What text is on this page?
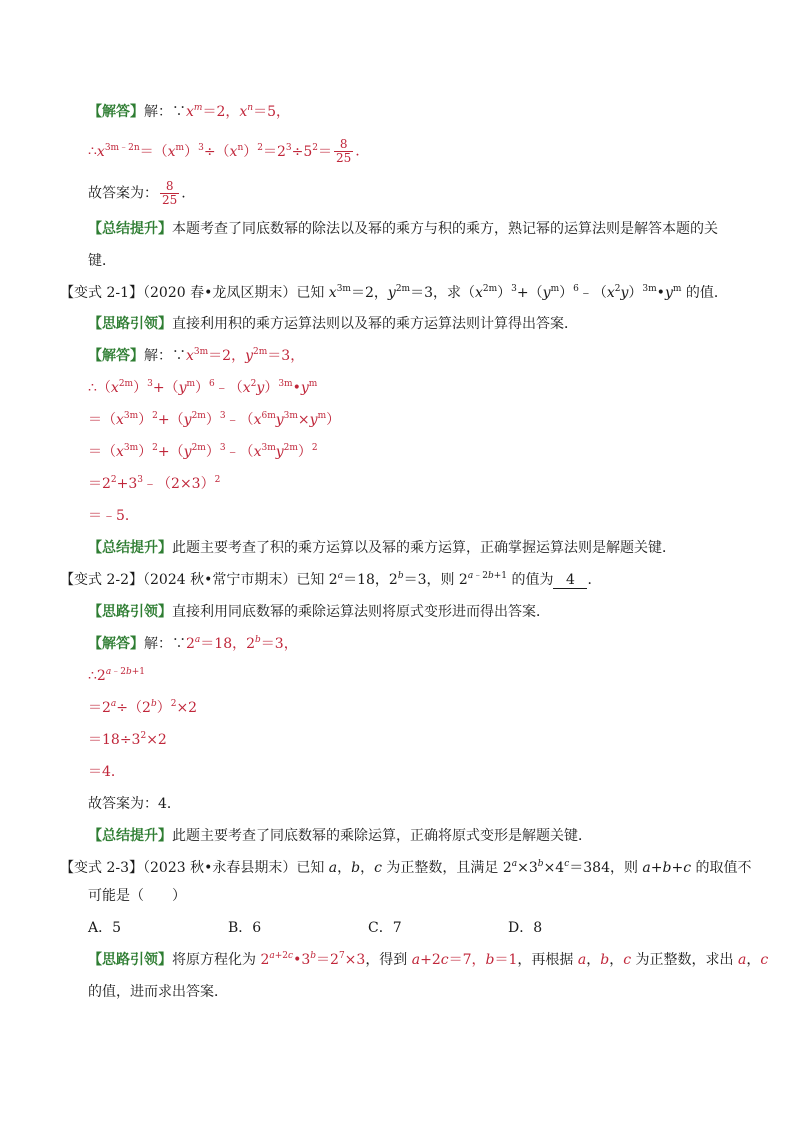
【解答】解：$\because x^m=2$，$x^n=5$，
$\therefore x^{3m﹣2n}=(x^m)^3\div(x^n)^2=2^3\div 5^2= \frac{8}{25}$ .
故答案为： $\frac{8}{25}$ .
【总结提升】本题考查了同底数幂的除法以及幂的乘方与积的乘方，熟记幂的运算法则是解答本题的关
键．
【变式 2-1】（2020 春•龙凤区期末）已知 $x^{3m}=2$，$y^{2m}=3$，求$(x^{2m})^3+(y^m)^6﹣(x^2y)^{3m}•y^m$ 的值．
【思路引领】直接利用积的乘方运算法则以及幂的乘方运算法则计算得出答案．
【解答】解：$\because x^{3m}=2$，$y^{2m}=3$，
$\therefore(x^{2m})^3+(y^m)^6﹣(x^2y)^{3m}•y^m$
$=(x^{3m})^2+(y^{2m})^3﹣(x^{6m}y^{3m}\times y^m)$
$=(x^{3m})^2+(y^{2m})^3﹣(x^{3m}y^{2m})^2$
$=2^2+3^3﹣(2\times 3)^2$
＝﹣5．
【总结提升】此题主要考查了积的乘方运算以及幂的乘方运算，正确掌握运算法则是解题关键．
【变式 2-2】（2024 秋•常宁市期末）已知 $2^a=18$，$2^b=3$，则 $2^{a﹣2b+1}$ 的值为 4 ．
【思路引领】直接利用同底数幂的乘除运算法则将原式变形进而得出答案．
【解答】解：$\because 2^a=18$，$2^b=3$，
$\therefore 2^{a﹣2b+1}$
$=2^a\div(2^b)^2\times 2$
$=18\div 3^2\times 2$
＝4．
故答案为：4．
【总结提升】此题主要考查了同底数幂的乘除运算，正确将原式变形是解题关键．
【变式 2-3】（2023 秋•永春县期末）已知 a，b，c 为正整数，且满足 $2^a\times 3^b\times 4^c=384$，则 a+b+c 的取值不
可能是（　　）
A．5	B．6	C．7	D．8
【思路引领】将原方程化为 $2^{a+2c}•3^b=2^7\times 3$，得到 a+2c＝7，b＝1，再根据 a，b，c 为正整数，求出 a，c
的值，进而求出答案．
